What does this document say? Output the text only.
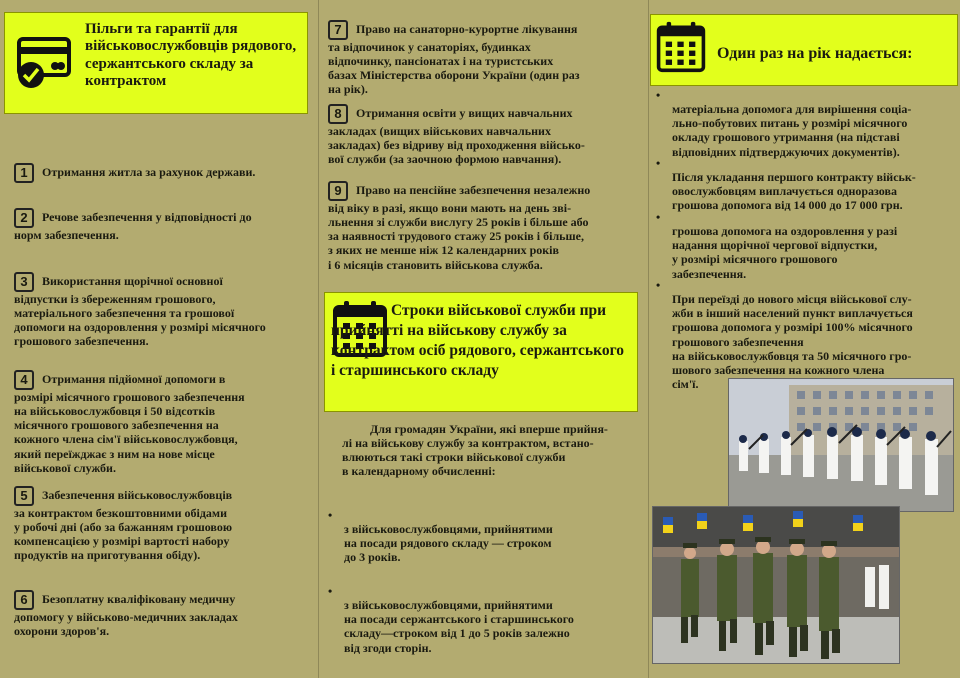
Пільги та гарантії для військовослужбовців рядового, сержантського складу за контрактом
1 Отримання житла за рахунок держави.
2 Речове забезпечення у відповідності до
норм забезпечення.
3 Використання щорічної основної
відпустки із збереженням грошового,
матеріального забезпечення та грошової
допомоги на оздоровлення у розмірі місячного
грошового забезпечення.
4 Отримання підйомної допомоги в
розмірі місячного грошового забезпечення
на військовослужбовця і 50 відсотків
місячного грошового забезпечення на
кожного члена сім'ї військовослужбовця,
який переїжджає з ним на нове місце
військової служби.
5 Забезпечення військовослужбовців
за контрактом безкоштовними обідами
у робочі дні (або за бажанням грошовою
компенсацією у розмірі вартості набору
продуктів на приготування обіду).
6 Безоплатну кваліфіковану медичну
допомогу у військово-медичних закладах
охорони здоров'я.
7 Право на санаторно-курортне лікування
та відпочинок у санаторіях, будинках
відпочинку, пансіонатах і на туристських
базах Міністерства оборони України (один раз
на рік).
8 Отримання освіти у вищих навчальних
закладах (вищих військових навчальних
закладах) без відриву від проходження військо-
вої служби (за заочною формою навчання).
9 Право на пенсійне забезпечення незалежно
від віку в разі, якщо вони мають на день зві-
льнення зі служби вислугу 25 років і більше або
за наявності трудового стажу 25 років і більше,
з яких не менше ніж 12 календарних років
і 6 місяців становить військова служба.
Строки військової служби при прийнятті на військову службу за контрактом осіб рядового, сержантського і старшинського складу
Для громадян України, які вперше прийня-
лі на військову службу за контрактом, встано-
влюються такі строки військової служби
в календарному обчисленні:

•
з військовослужбовцями, прийнятими
на посади рядового складу — строком
до 3 років.

•
з військовослужбовцями, прийнятими
на посади сержантського і старшинського
складу—строком від 1 до 5 років залежно
від згоди сторін.

Один раз на рік надається:

•
матеріальна допомога для вирішення соціа-
льно-побутових питань у розмірі місячного
окладу грошового утримання (на підставі
відповідних підтверджуючих документів).

•
Після укладання першого контракту військ-
овослужбовцям виплачується одноразова
грошова допомога від 14 000 до 17 000 грн.

•
грошова допомога на оздоровлення у разі
надання щорічної чергової відпустки,
у розмірі місячного грошового
забезпечення.

•
При переїзді до нового місця військової слу-
жби в інший населений пункт виплачується
грошова допомога у розмірі 100% місячного
грошового забезпечення
на військовослужбовця та 50 місячного гро-
шового забезпечення на кожного члена
сім'ї.
